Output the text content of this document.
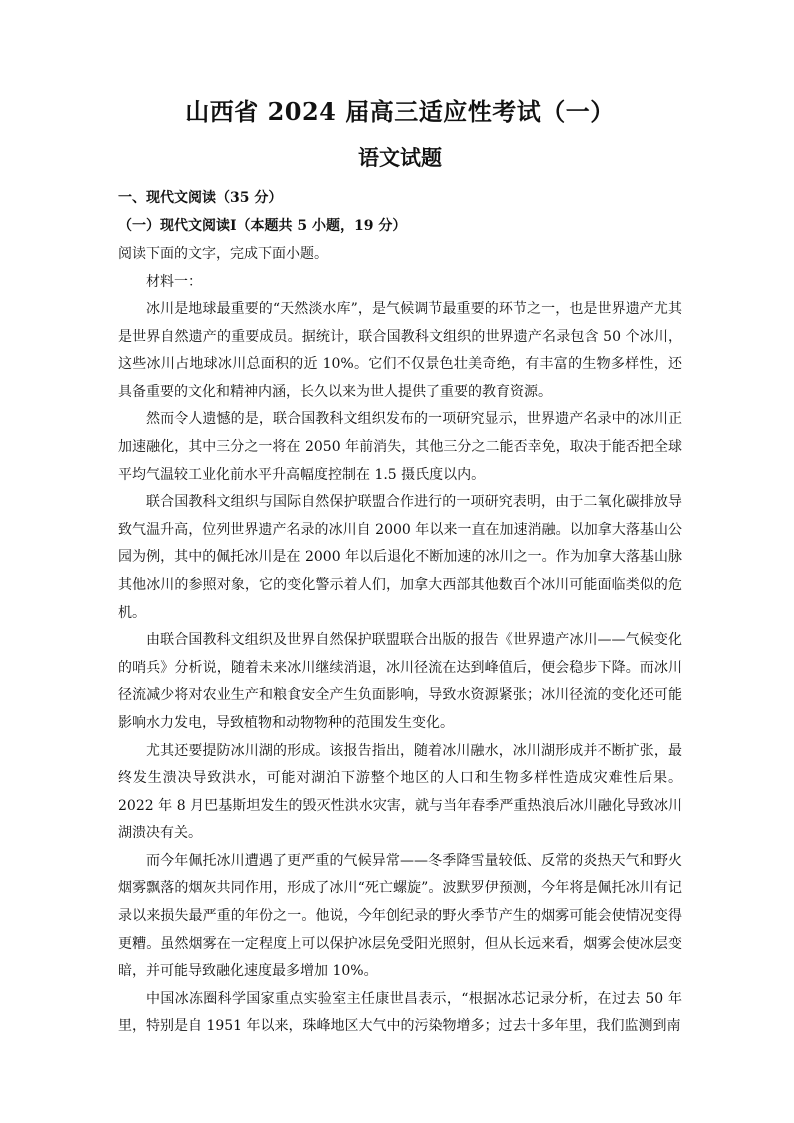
山西省 2024 届高三适应性考试（一）
语文试题
一、现代文阅读（35 分）
（一）现代文阅读Ⅰ（本题共 5 小题，19 分）
阅读下面的文字，完成下面小题。
材料一：

冰川是地球最重要的“天然淡水库”，是气候调节最重要的环节之一，也是世界遗产尤其是世界自然遗产的重要成员。据统计，联合国教科文组织的世界遗产名录包含 50 个冰川，这些冰川占地球冰川总面积的近 10%。它们不仅景色壮美奇绝，有丰富的生物多样性，还具备重要的文化和精神内涵，长久以来为世人提供了重要的教育资源。

然而令人遗憾的是，联合国教科文组织发布的一项研究显示，世界遗产名录中的冰川正加速融化，其中三分之一将在 2050 年前消失，其他三分之二能否幸免，取决于能否把全球平均气温较工业化前水平升高幅度控制在 1.5 摄氏度以内。

联合国教科文组织与国际自然保护联盟合作进行的一项研究表明，由于二氧化碳排放导致气温升高，位列世界遗产名录的冰川自 2000 年以来一直在加速消融。以加拿大落基山公园为例，其中的佩托冰川是在 2000 年以后退化不断加速的冰川之一。作为加拿大落基山脉其他冰川的参照对象，它的变化警示着人们，加拿大西部其他数百个冰川可能面临类似的危机。

由联合国教科文组织及世界自然保护联盟联合出版的报告《世界遗产冰川——气候变化的哨兵》分析说，随着未来冰川继续消退，冰川径流在达到峰值后，便会稳步下降。而冰川径流减少将对农业生产和粮食安全产生负面影响，导致水资源紧张；冰川径流的变化还可能影响水力发电，导致植物和动物物种的范围发生变化。

尤其还要提防冰川湖的形成。该报告指出，随着冰川融水，冰川湖形成并不断扩张，最终发生溃决导致洪水，可能对湖泊下游整个地区的人口和生物多样性造成灾难性后果。2022 年 8 月巴基斯坦发生的毁灭性洪水灾害，就与当年春季严重热浪后冰川融化导致冰川湖溃决有关。

而今年佩托冰川遭遇了更严重的气候异常——冬季降雪量较低、反常的炎热天气和野火烟雾飘落的烟灰共同作用，形成了冰川“死亡螺旋”。波默罗伊预测，今年将是佩托冰川有记录以来损失最严重的年份之一。他说，今年创纪录的野火季节产生的烟雾可能会使情况变得更糟。虽然烟雾在一定程度上可以保护冰层免受阳光照射，但从长远来看，烟雾会使冰层变暗，并可能导致融化速度最多增加 10%。

中国冰冻圈科学国家重点实验室主任康世昌表示，“根据冰芯记录分析，在过去 50 年里，特别是自 1951 年以来，珠峰地区大气中的污染物增多；过去十多年里，我们监测到南
